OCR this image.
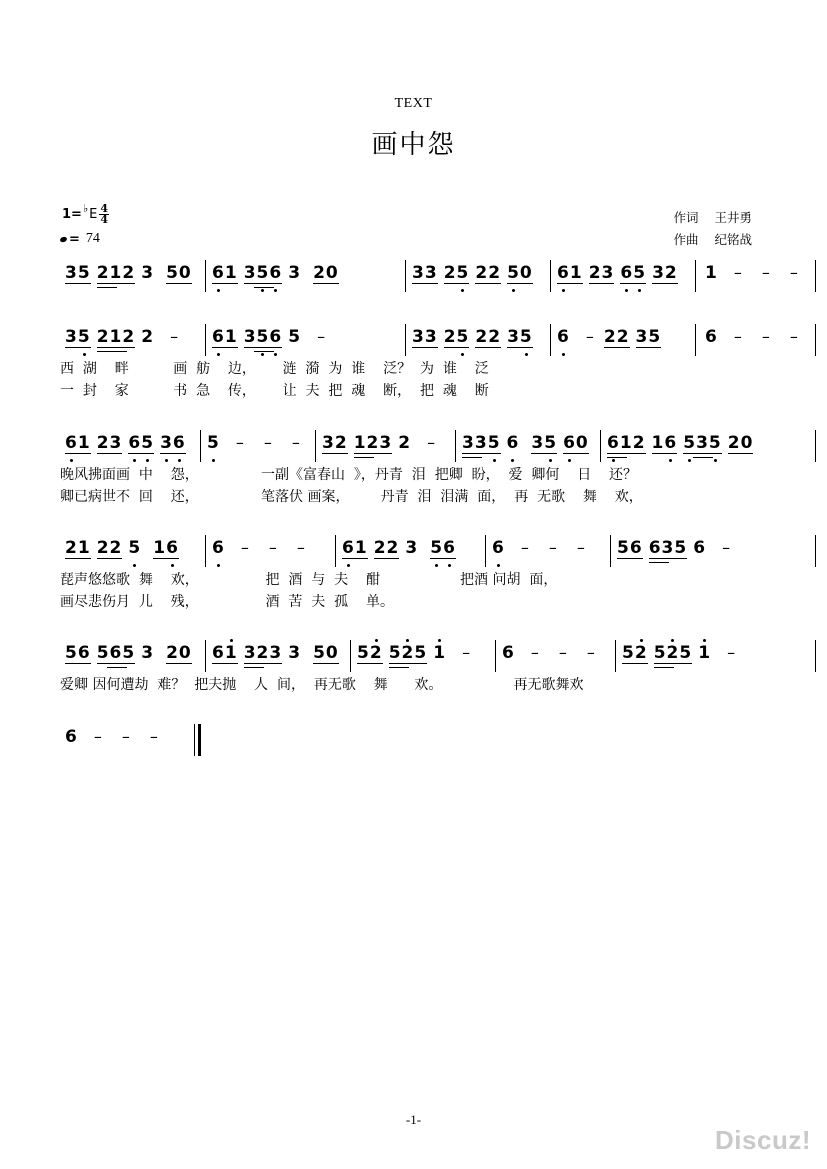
TEXT
画中怨
1= ♭ E $\frac{4}{4}$
= 74
作词 王井勇
作曲 纪铭战
3 5 2 1 2 3 5 0 6 1 3 5 6 3 2 0	3 3 2 5 2 2 5 0 6 1 2 3 6 5 3 2 1 – – –
3 5 2 1 2 2 – 6 1 3 5 6 5 –	3 3 2 5 2 2 3 5 6 – 2 2 3 5	6 – – –
西  湖    畔          画  舫    边，      涟  漪  为  谁    泛？  为  谁    泛
一  封    家          书  急    传，      让  夫  把  魂    断，  把  魂    断
6 1 2 3 6 5 3 6 5 – – – 3 2 1 2 3 2 – 3 3 5 6 3 5 6 0 6 1 2 1 6 5 3 5 2 0
晚风拂面画  中    怨，              一副《富春山  》，丹青  泪  把卿  盼，  爱  卿何    日    还？
卿已病世不  回    还，              笔落伏 画案，       丹青  泪  泪满  面，  再  无歌    舞    欢，
2 1 2 2 5 1 6 6 – – – 6 1 2 2 3 5 6 6 – – – 5 6 6 3 5 6 –
琵声悠悠歌  舞    欢，               把  酒  与  夫    酣                  把酒 问胡  面，
画尽悲伤月  儿    残，               酒  苦  夫  孤    单。
5 6 5 6 5 3 2 0 6 1 3 2 3 3 5 0 5 2 5 2 5 1 – 6 – – – 5 2 5 2 5 1 –
爱卿 因何遭劫  难？  把夫抛    人  间，  再无歌    舞      欢。                再无歌舞欢
6 – – –
-1-
Discuz!
